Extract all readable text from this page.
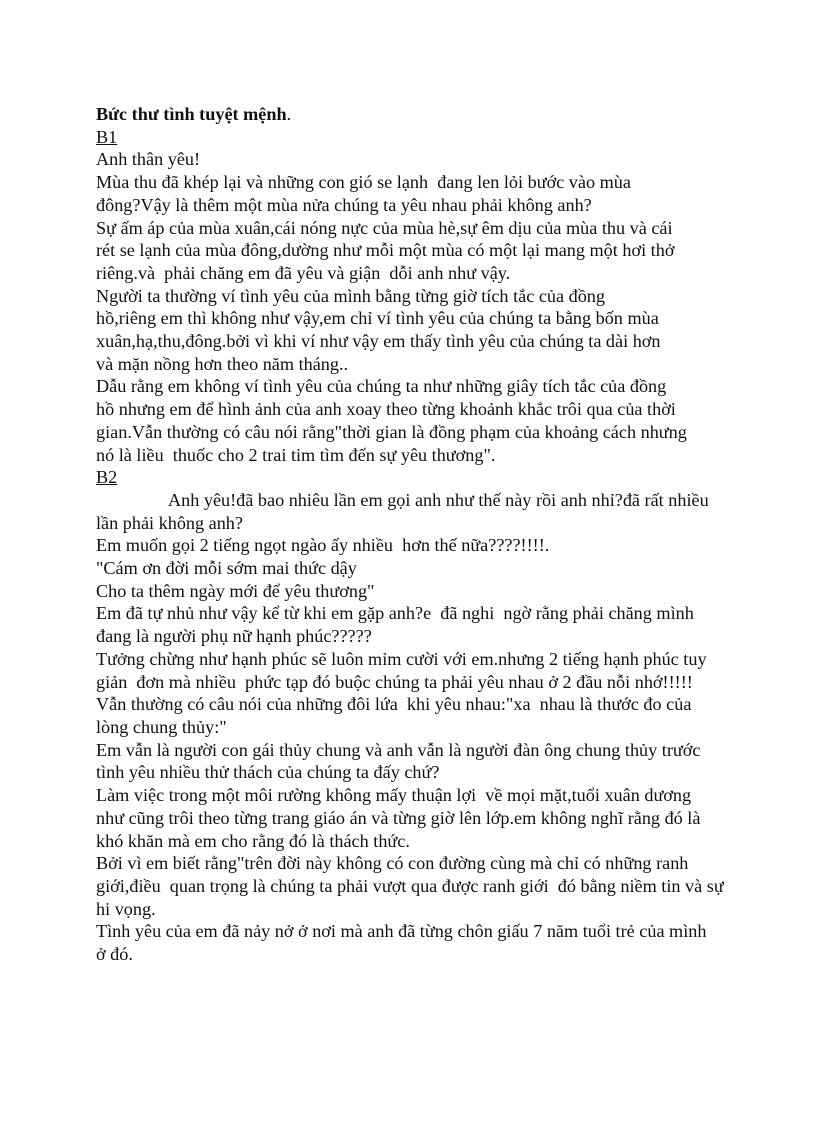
Bức thư tình tuyệt mệnh.
B1
Anh thân yêu!
Mùa thu đã khép lại và những con gió se lạnh  đang len lỏi bước vào mùa
đông?Vậy là thêm một mùa nửa chúng ta yêu nhau phải không anh?
Sự ấm áp của mùa xuân,cái nóng nực của mùa hè,sự êm dịu của mùa thu và cái
rét se lạnh của mùa đông,dường như mỗi một mùa có một lại mang một hơi thở
riêng.và  phải chăng em đã yêu và giận  dỗi anh như vậy.
Người ta thường ví tình yêu của mình bằng từng giờ tích tắc của đồng
hồ,riêng em thì không như vậy,em chỉ ví tình yêu của chúng ta bằng bốn mùa
xuân,hạ,thu,đông.bởi vì khi ví như vậy em thấy tình yêu của chúng ta dài hơn
và mặn nồng hơn theo năm tháng..
Dẫu rằng em không ví tình yêu của chúng ta như những giây tích tắc của đồng
hồ nhưng em để hình ảnh của anh xoay theo từng khoảnh khắc trôi qua của thời
gian.Vẫn thường có câu nói rằng"thời gian là đồng phạm của khoảng cách nhưng
nó là liều  thuốc cho 2 trai tim tìm đến sự yêu thương".
B2
Anh yêu!đã bao nhiêu lần em gọi anh như thế này rồi anh nhỉ?đã rất nhiều
lần phải không anh?
Em muốn gọi 2 tiếng ngọt ngào ấy nhiều  hơn thế nữa????!!!!.
"Cám ơn đời mỗi sớm mai thức dậy
Cho ta thêm ngày mới để yêu thương"
Em đã tự nhủ như vậy kể từ khi em gặp anh?e  đã nghi  ngờ rằng phải chăng mình
đang là người phụ nữ hạnh phúc?????
Tưởng chừng như hạnh phúc sẽ luôn mỉm cười với em.nhưng 2 tiếng hạnh phúc tuy
giản  đơn mà nhiều  phức tạp đó buộc chúng ta phải yêu nhau ở 2 đầu nỗi nhớ!!!!!
Vẫn thường có câu nói của những đôi lứa  khi yêu nhau:"xa  nhau là thước đo của
lòng chung thủy:"
Em vẫn là người con gái thủy chung và anh vẫn là người đàn ông chung thủy trước
tình yêu nhiều thử thách của chúng ta đấy chứ?
Làm việc trong một môi rường không mấy thuận lợi  về mọi mặt,tuổi xuân dương
như cũng trôi theo từng trang giáo án và từng giờ lên lớp.em không nghĩ rằng đó là
khó khăn mà em cho rằng đó là thách thức.
Bởi vì em biết rằng"trên đời này không có con đường cùng mà chỉ có những ranh
giới,điều  quan trọng là chúng ta phải vượt qua được ranh giới  đó bằng niềm tin và sự
hi vọng.
Tình yêu của em đã nảy nở ở nơi mà anh đã từng chôn giấu 7 năm tuổi trẻ của mình
ở đó.
